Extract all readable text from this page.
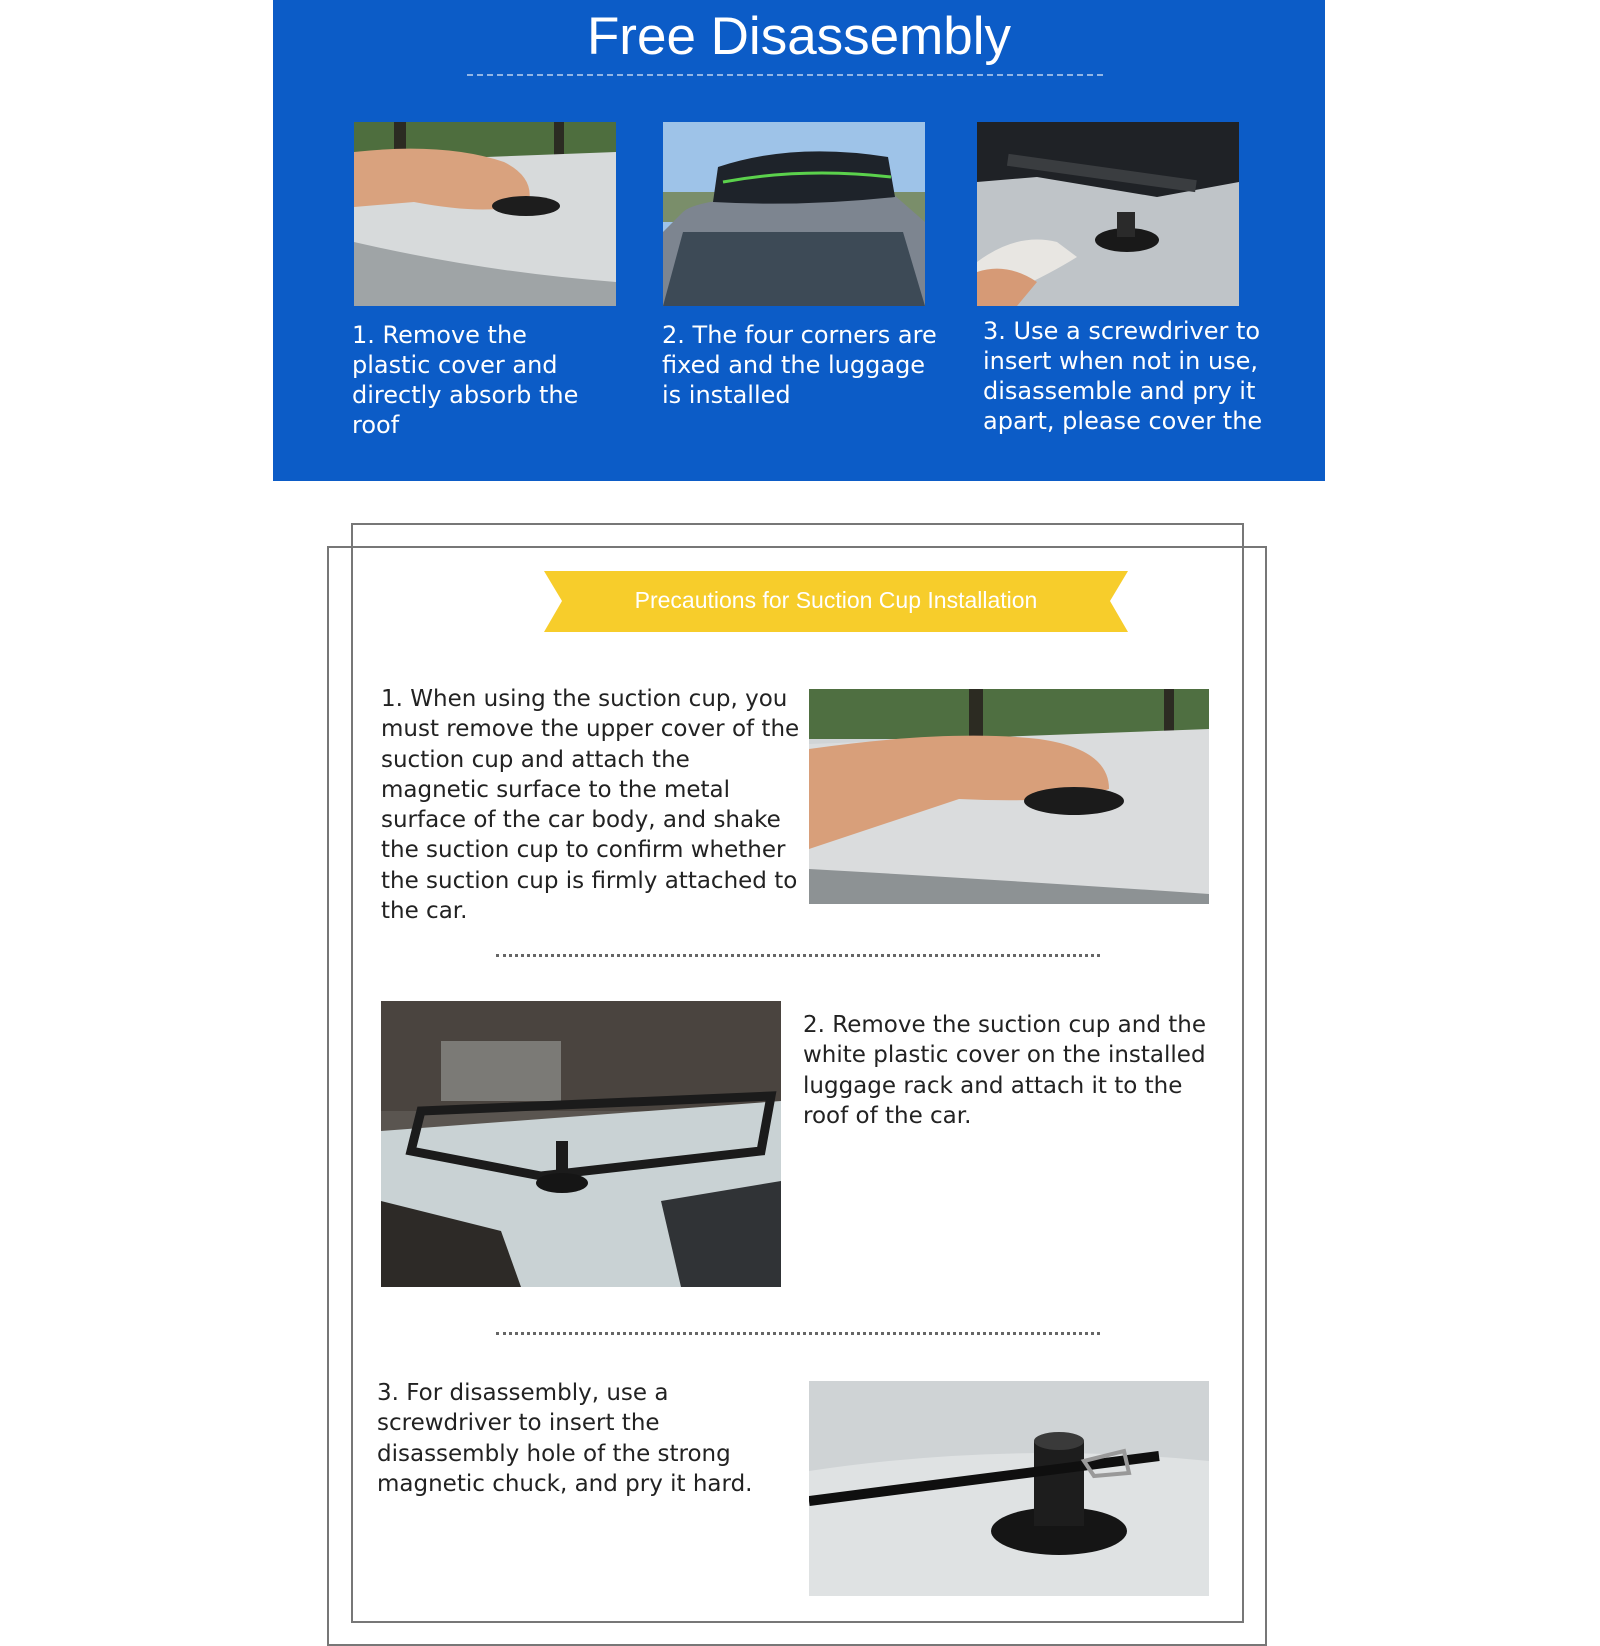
Free Disassembly
1. Remove the plastic cover and directly absorb the roof
2. The four corners are fixed and the luggage is installed
3. Use a screwdriver to insert when not in use, disassemble and pry it apart, please cover the
Precautions for Suction Cup Installation
1. When using the suction cup, you must remove the upper cover of the suction cup and attach the magnetic surface to the metal surface of the car body, and shake the suction cup to confirm whether the suction cup is firmly attached to the car.
2. Remove the suction cup and the white plastic cover on the installed luggage rack and attach it to the roof of the car.
3. For disassembly, use a screwdriver to insert the disassembly hole of the strong magnetic chuck, and pry it hard.
